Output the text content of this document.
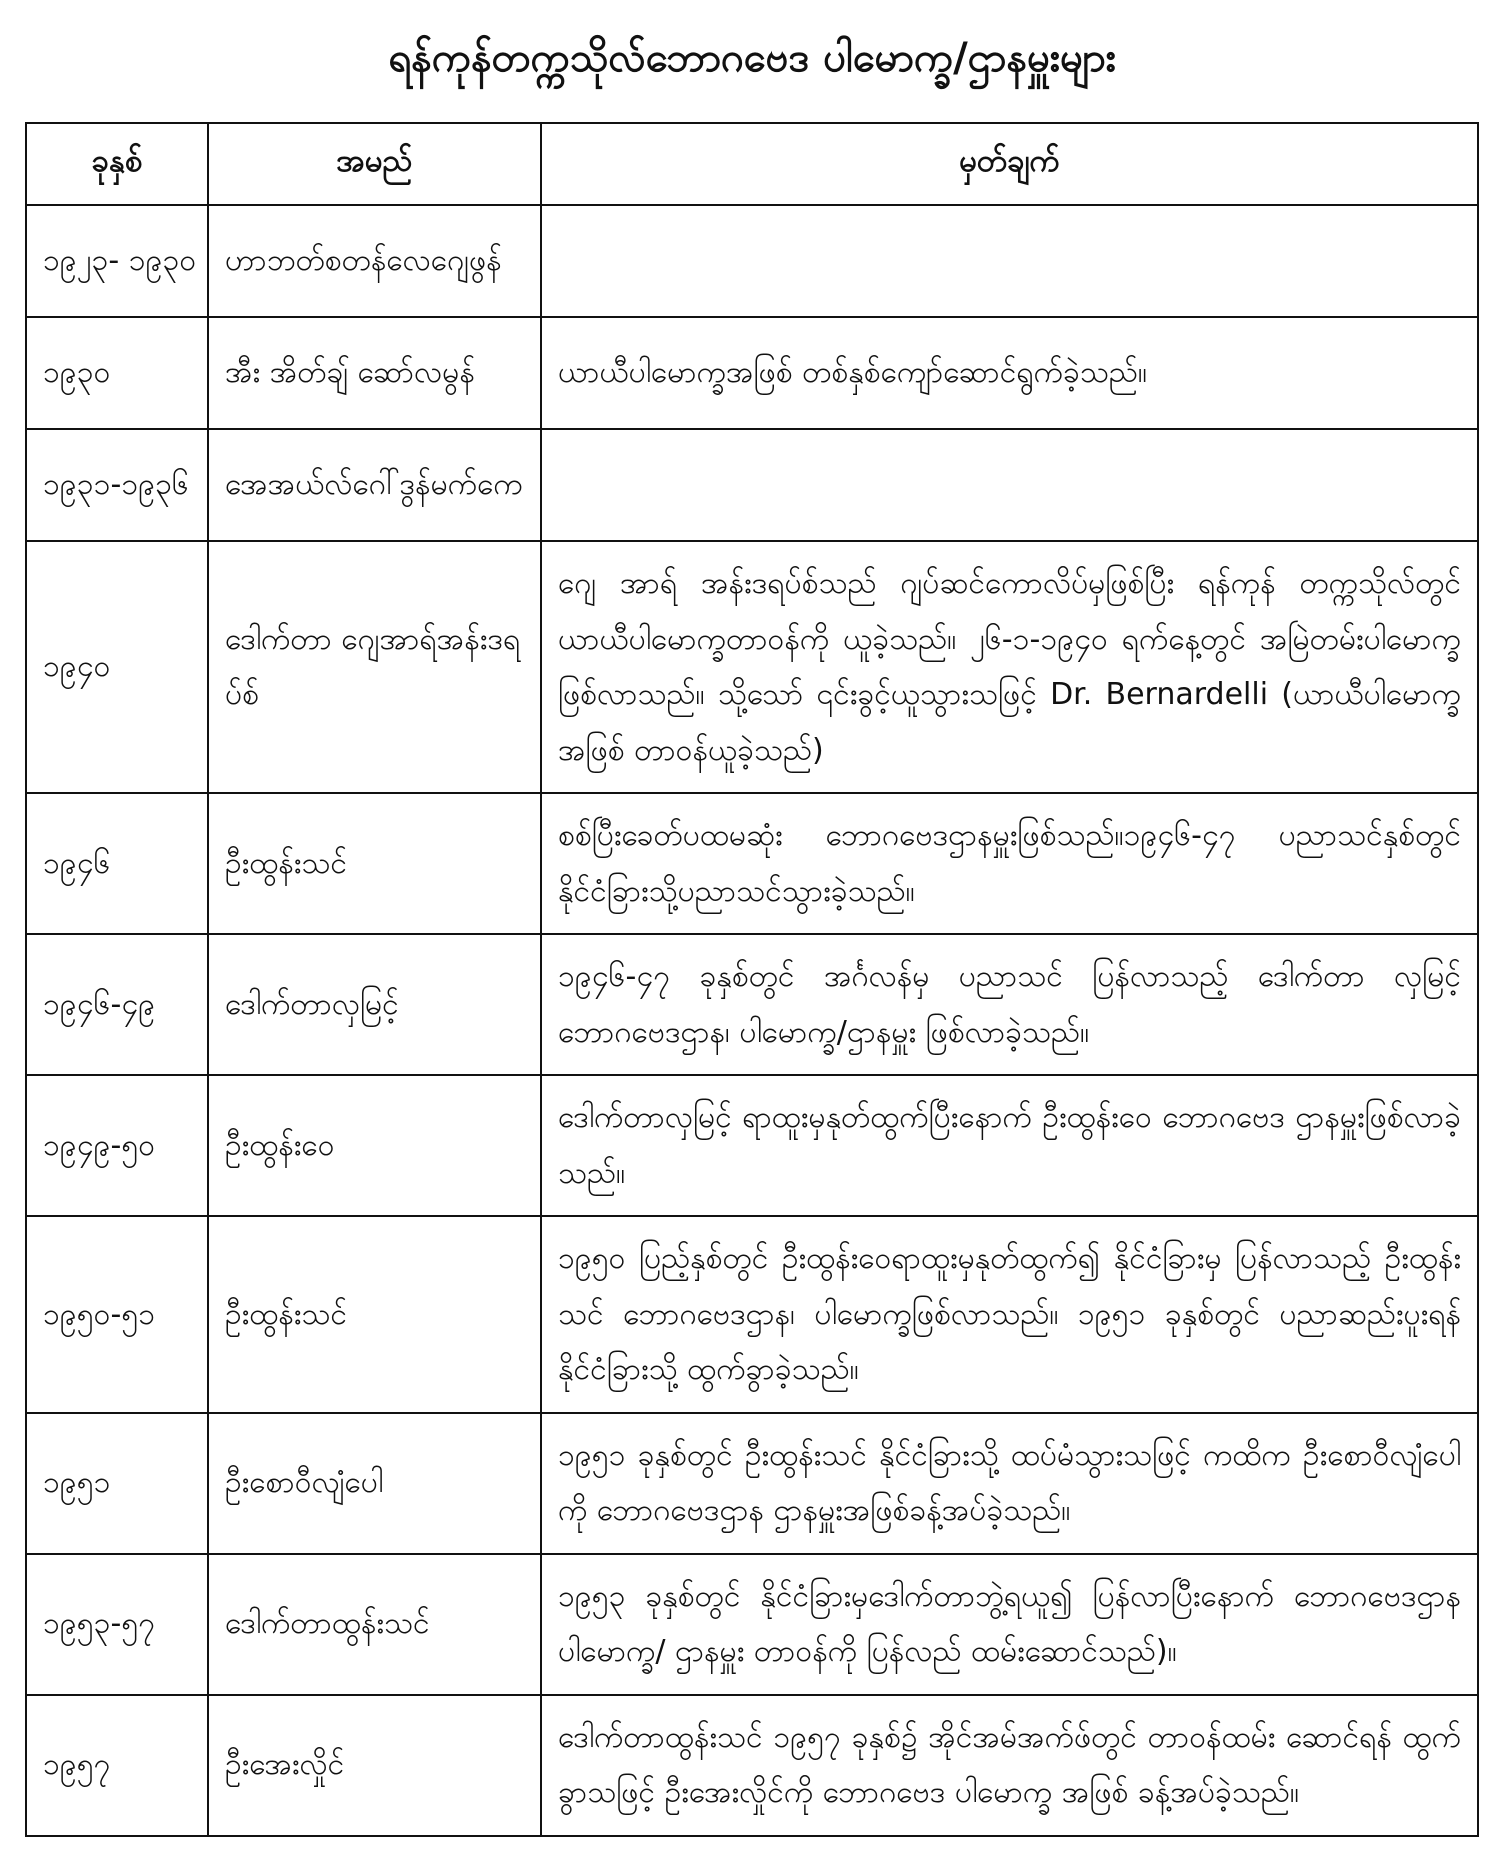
ရန်ကုန်တက္ကသိုလ်ဘောဂဗေဒ ပါမောက္ခ/ဌာနမှူးများ
ခုနှစ်	အမည်	မှတ်ချက်
၁၉၂၃- ၁၉၃၀	ဟာဘတ်စတန်လေဂျေဖွန်	
၁၉၃၀	အီး အိတ်ချ် ဆော်လမွန်	ယာယီပါမောက္ခအဖြစ် တစ်နှစ်ကျော်ဆောင်ရွက်ခဲ့သည်။
၁၉၃၁-၁၉၃၆	အေအယ်လ်ဂေါ်ဒွန်မက်ကေ	
၁၉၄၀	ဒေါက်တာ ဂျေအာရ်အန်းဒရပ်စ်	ဂျေ အာရ် အန်းဒရပ်စ်သည် ဂျပ်ဆင်ကောလိပ်မှဖြစ်ပြီး ရန်ကုန် တက္ကသိုလ်တွင် ယာယီပါမောက္ခတာဝန်ကို ယူခဲ့သည်။ ၂၆-၁-၁၉၄၀ ရက်နေ့တွင် အမြဲတမ်းပါမောက္ခဖြစ်လာသည်။ သို့သော် ၎င်းခွင့်ယူသွားသဖြင့် Dr. Bernardelli (ယာယီပါမောက္ခအဖြစ် တာဝန်ယူခဲ့သည်)
၁၉၄၆	ဦးထွန်းသင်	စစ်ပြီးခေတ်ပထမဆုံး ဘောဂဗေဒဌာနမှူးဖြစ်သည်။၁၉၄၆-၄၇ ပညာသင်နှစ်တွင် နိုင်ငံခြားသို့ပညာသင်သွားခဲ့သည်။
၁၉၄၆-၄၉	ဒေါက်တာလှမြင့်	၁၉၄၆-၄၇ ခုနှစ်တွင် အင်္ဂလန်မှ ပညာသင် ပြန်လာသည့် ဒေါက်တာ လှမြင့် ဘောဂဗေဒဌာန၊ ပါမောက္ခ/ဌာနမှူး ဖြစ်လာခဲ့သည်။
၁၉၄၉-၅၀	ဦးထွန်းဝေ	ဒေါက်တာလှမြင့် ရာထူးမှနုတ်ထွက်ပြီးနောက် ဦးထွန်းဝေ ဘောဂဗေဒ ဌာနမှူးဖြစ်လာခဲ့သည်။
၁၉၅၀-၅၁	ဦးထွန်းသင်	၁၉၅၀ ပြည့်နှစ်တွင် ဦးထွန်းဝေရာထူးမှနုတ်ထွက်၍ နိုင်ငံခြားမှ ပြန်လာသည့် ဦးထွန်းသင် ဘောဂဗေဒဌာန၊ ပါမောက္ခဖြစ်လာသည်။ ၁၉၅၁ ခုနှစ်တွင် ပညာဆည်းပူးရန် နိုင်ငံခြားသို့ ထွက်ခွာခဲ့သည်။
၁၉၅၁	ဦးစောဝီလျံပေါ	၁၉၅၁ ခုနှစ်တွင် ဦးထွန်းသင် နိုင်ငံခြားသို့ ထပ်မံသွားသဖြင့် ကထိက ဦးစောဝီလျံပေါကို ဘောဂဗေဒဌာန ဌာနမှူးအဖြစ်ခန့်အပ်ခဲ့သည်။
၁၉၅၃-၅၇	ဒေါက်တာထွန်းသင်	၁၉၅၃ ခုနှစ်တွင် နိုင်ငံခြားမှဒေါက်တာဘွဲ့ရယူ၍ ပြန်လာပြီးနောက် ဘောဂဗေဒဌာန ပါမောက္ခ/ ဌာနမှူး တာဝန်ကို ပြန်လည် ထမ်းဆောင်သည်)။
၁၉၅၇	ဦးအေးလှိုင်	ဒေါက်တာထွန်းသင် ၁၉၅၇ ခုနှစ်၌ အိုင်အမ်အက်ဖ်တွင် တာဝန်ထမ်း ဆောင်ရန် ထွက်ခွာသဖြင့် ဦးအေးလှိုင်ကို ဘောဂဗေဒ ပါမောက္ခ အဖြစ် ခန့်အပ်ခဲ့သည်။
